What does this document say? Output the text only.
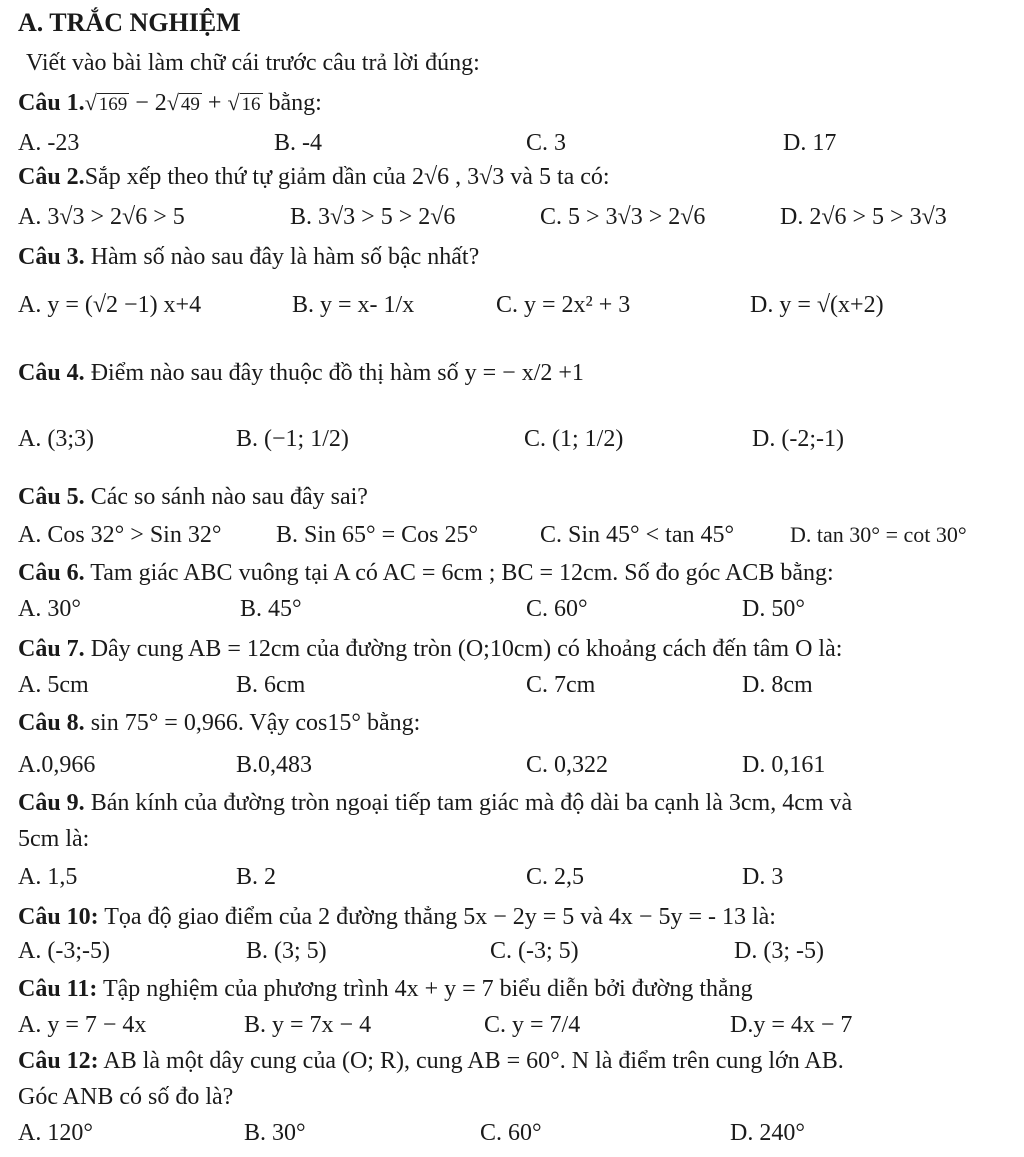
A. TRẮC NGHIỆM
Viết vào bài làm chữ cái trước câu trả lời đúng:
Câu 1.√ 169 − 2√ 49 + √ 16 bằng:
A. -23	B. -4	C. 3	D. 17
Câu 2.Sắp xếp theo thứ tự giảm dần của 2√6 , 3√3 và 5 ta có:
A. 3√3 > 2√6 > 5	B. 3√3 > 5 > 2√6	C. 5 > 3√3 > 2√6	D. 2√6 > 5 > 3√3
Câu 3. Hàm số nào sau đây là hàm số bậc nhất?
A. y = (√2 −1) x+4	B. y = x- 1/x	C. y = 2x² + 3	D. y = √(x+2)
Câu 4. Điểm nào sau đây thuộc đồ thị hàm số y = − x/2 +1
A. (3;3)	B. (−1; 1/2)	C. (1; 1/2)	D. (-2;-1)
Câu 5. Các so sánh nào sau đây sai?
A. Cos 32° > Sin 32° B. Sin 65° = Cos 25°	C. Sin 45° < tan 45°	D. tan 30° = cot 30°
Câu 6. Tam giác ABC vuông tại A có AC = 6cm ; BC = 12cm. Số đo góc ACB bằng:
A. 30°	B. 45°	C. 60°	D. 50°
Câu 7. Dây cung AB = 12cm của đường tròn (O;10cm) có khoảng cách đến tâm O là:
A. 5cm	B. 6cm	C. 7cm	D. 8cm
Câu 8. sin 75° = 0,966. Vậy cos15° bằng:
A.0,966	B.0,483	C. 0,322	D. 0,161
Câu 9. Bán kính của đường tròn ngoại tiếp tam giác mà độ dài ba cạnh là 3cm, 4cm và
5cm là:
A. 1,5	B. 2	C. 2,5	D. 3
Câu 10: Tọa độ giao điểm của 2 đường thẳng 5x − 2y = 5 và 4x − 5y = - 13 là:
A. (-3;-5)	B. (3; 5)	C. (-3; 5)	D. (3; -5)
Câu 11: Tập nghiệm của phương trình 4x + y = 7 biểu diễn bởi đường thẳng
A. y = 7 − 4x	B. y = 7x − 4	C. y = 7/4	D.y = 4x − 7
Câu 12: AB là một dây cung của (O; R), cung AB = 60°. N là điểm trên cung lớn AB.
Góc ANB có số đo là?
A. 120°	B. 30°	C. 60°	D. 240°
